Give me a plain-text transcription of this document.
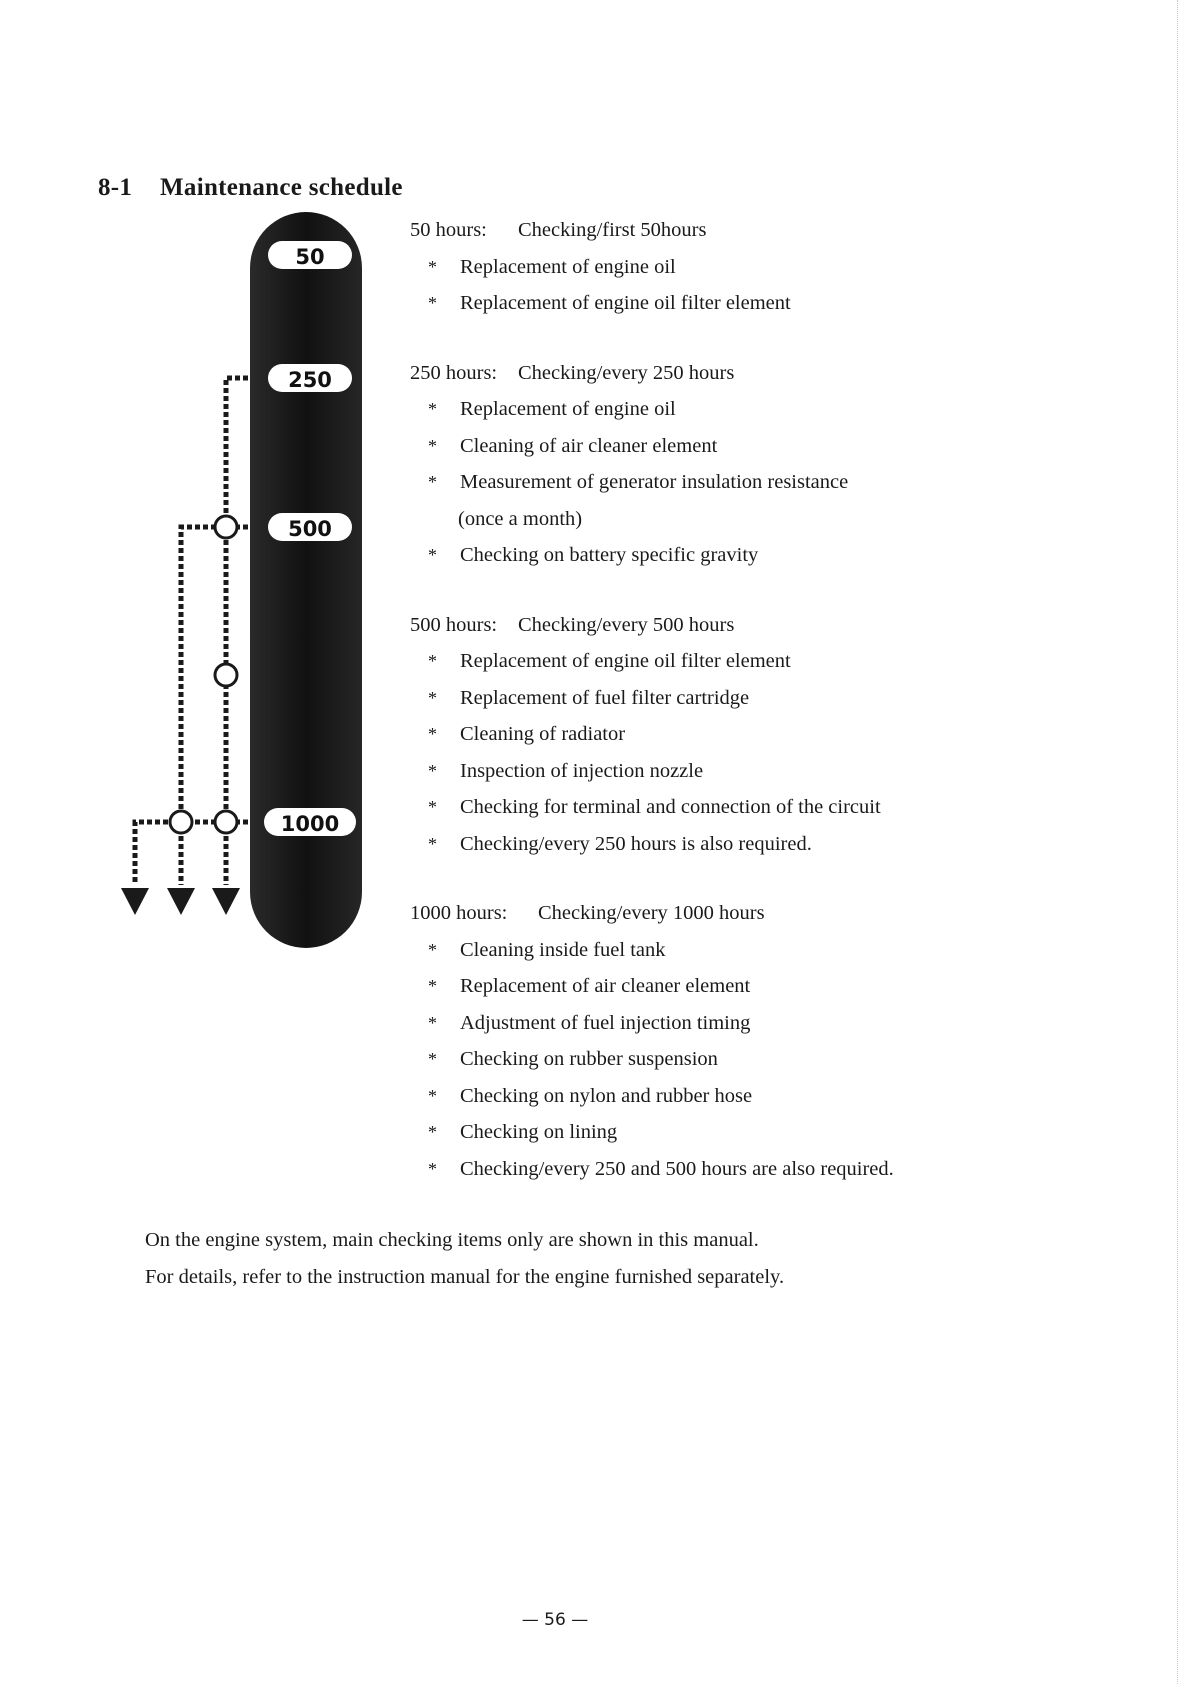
8-1 Maintenance schedule
50
250
500
1000
50 hours: Checking/first 50hours
* Replacement of engine oil
* Replacement of engine oil filter element
250 hours: Checking/every 250 hours
* Replacement of engine oil
* Cleaning of air cleaner element
* Measurement of generator insulation resistance
(once a month)
* Checking on battery specific gravity
500 hours: Checking/every 500 hours
* Replacement of engine oil filter element
* Replacement of fuel filter cartridge
* Cleaning of radiator
* Inspection of injection nozzle
* Checking for terminal and connection of the circuit
* Checking/every 250 hours is also required.
1000 hours: Checking/every 1000 hours
* Cleaning inside fuel tank
* Replacement of air cleaner element
* Adjustment of fuel injection timing
* Checking on rubber suspension
* Checking on nylon and rubber hose
* Checking on lining
* Checking/every 250 and 500 hours are also required.
On the engine system, main checking items only are shown in this manual.
For details, refer to the instruction manual for the engine furnished separately.
— 56 —
